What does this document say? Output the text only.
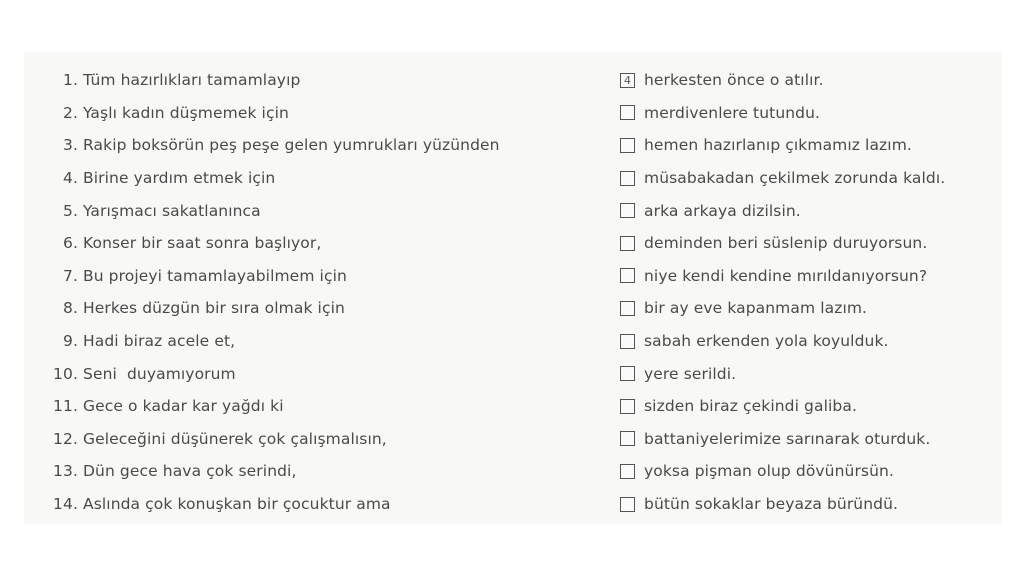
1. Tüm hazırlıkları tamamlayıp
2. Yaşlı kadın düşmemek için
3. Rakip boksörün peş peşe gelen yumrukları yüzünden
4. Birine yardım etmek için
5. Yarışmacı sakatlanınca
6. Konser bir saat sonra başlıyor,
7. Bu projeyi tamamlayabilmem için
8. Herkes düzgün bir sıra olmak için
9. Hadi biraz acele et,
10. Seni  duyamıyorum
11. Gece o kadar kar yağdı ki
12. Geleceğini düşünerek çok çalışmalısın,
13. Dün gece hava çok serindi,
14. Aslında çok konuşkan bir çocuktur ama
4 herkesten önce o atılır.
merdivenlere tutundu.
hemen hazırlanıp çıkmamız lazım.
müsabakadan çekilmek zorunda kaldı.
arka arkaya dizilsin.
deminden beri süslenip duruyorsun.
niye kendi kendine mırıldanıyorsun?
bir ay eve kapanmam lazım.
sabah erkenden yola koyulduk.
yere serildi.
sizden biraz çekindi galiba.
battaniyelerimize sarınarak oturduk.
yoksa pişman olup dövünürsün.
bütün sokaklar beyaza büründü.
